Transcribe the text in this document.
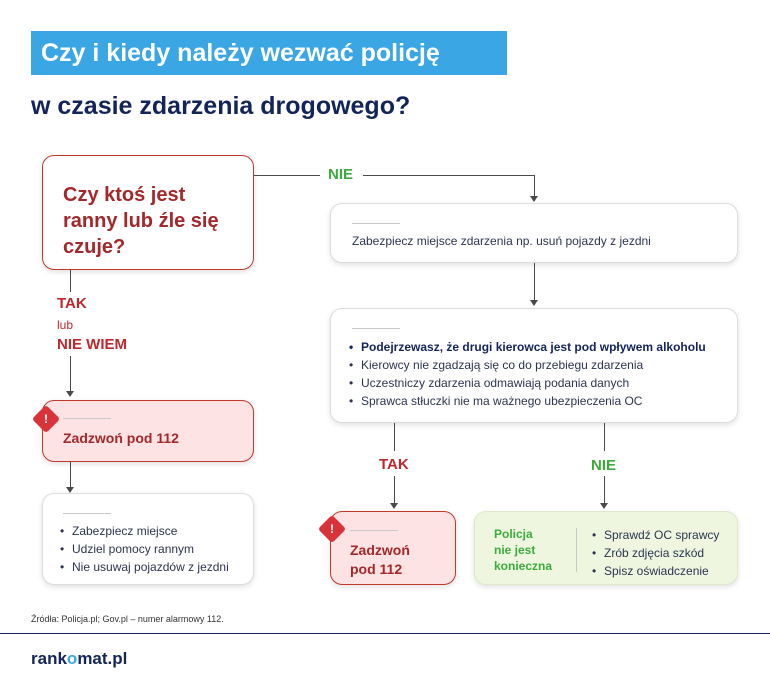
Czy i kiedy należy wezwać policję
w czasie zdarzenia drogowego?
Czy ktoś jest ranny lub źle się czuje?
NIE
TAK
lub
NIE WIEM
Zadzwoń pod 112
!
• Zabezpiecz miejsce
• Udziel pomocy rannym
• Nie usuwaj pojazdów z jezdni
Zabezpiecz miejsce zdarzenia np. usuń pojazdy z jezdni
• Podejrzewasz, że drugi kierowca jest pod wpływem alkoholu
• Kierowcy nie zgadzają się co do przebiegu zdarzenia
• Uczestniczy zdarzenia odmawiają podania danych
• Sprawca stłuczki nie ma ważnego ubezpieczenia OC
TAK	NIE
Zadzwoń
pod 112
!	Policja
nie jest
konieczna
• Sprawdź OC sprawcy
• Zrób zdjęcia szkód
• Spisz oświadczenie
Źródła: Policja.pl; Gov.pl – numer alarmowy 112.
rankomat.pl
